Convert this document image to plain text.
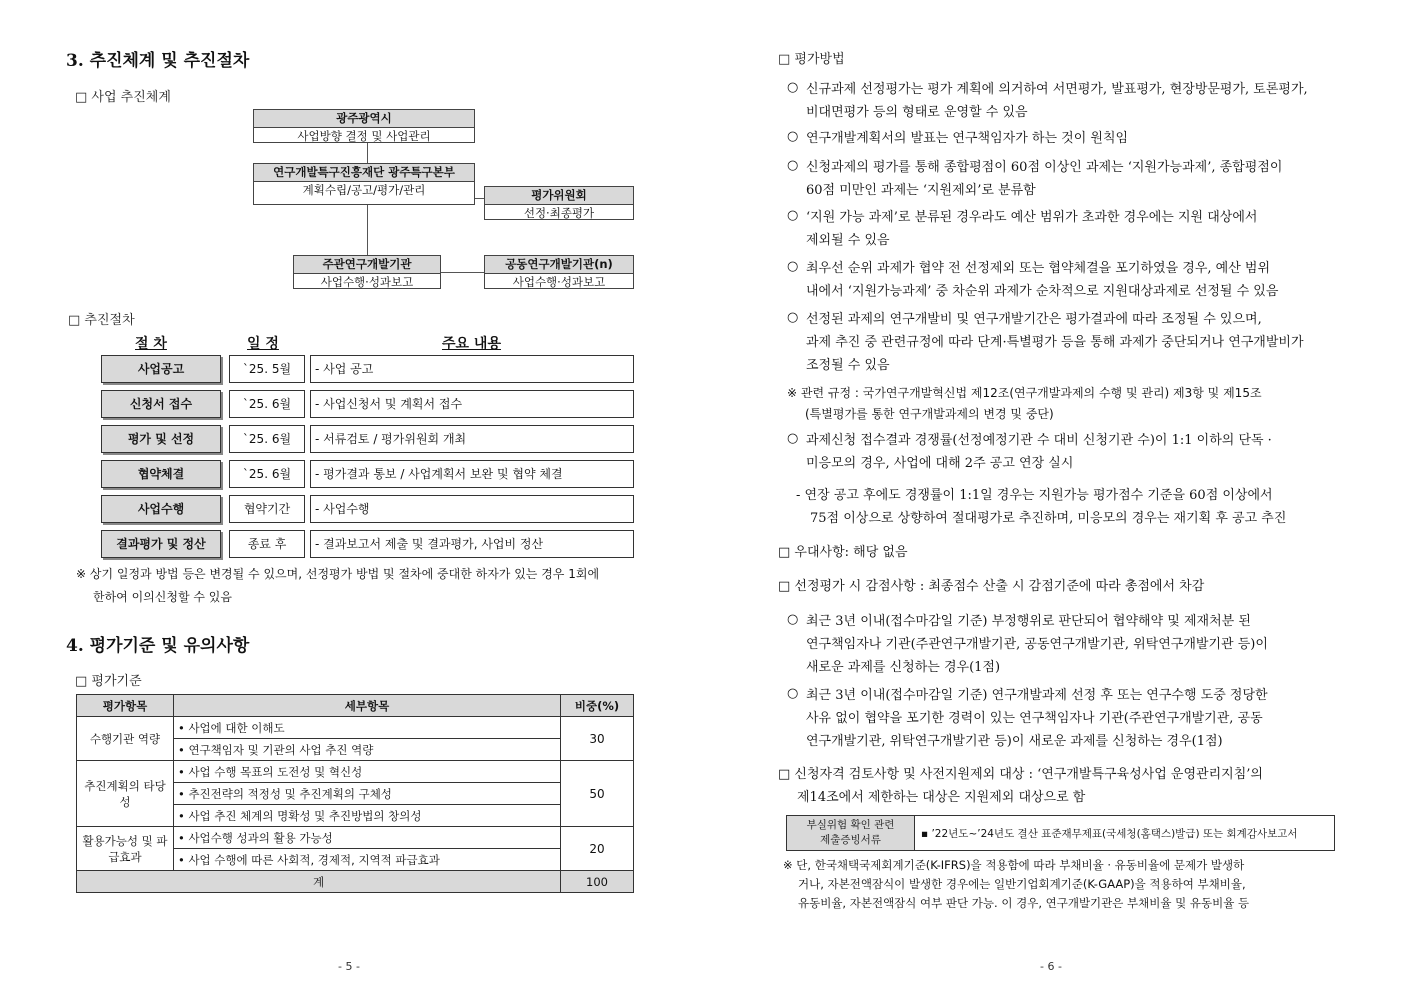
3. 추진체계 및 추진절차
□ 사업 추진체계
광주광역시
사업방향 결정 및 사업관리
연구개발특구진흥재단 광주특구본부
계획수립/공고/평가/관리	평가위원회
선정·최종평가
주관연구개발기관
사업수행·성과보고
공동연구개발기관(n)
사업수행·성과보고
□ 추진절차
절 차	일 정	주요 내용
사업공고	`25. 5월	- 사업 공고
신청서 접수	`25. 6월	- 사업신청서 및 계획서 접수
평가 및 선정	`25. 6월	- 서류검토 / 평가위원회 개최
협약체결	`25. 6월	- 평가결과 통보 / 사업계획서 보완 및 협약 체결
사업수행	협약기간	- 사업수행
결과평가 및 정산	종료 후	- 결과보고서 제출 및 결과평가, 사업비 정산
※ 상기 일정과 방법 등은 변경될 수 있으며, 선정평가 방법 및 절차에 중대한 하자가 있는 경우 1회에
한하여 이의신청할 수 있음
4. 평가기준 및 유의사항
□ 평가기준
평가항목	세부항목	비중(%)
수행기관 역량	• 사업에 대한 이해도	30
	• 연구책임자 및 기관의 사업 추진 역량	
추진계획의 타당성	• 사업 수행 목표의 도전성 및 혁신성	50
	• 추진전략의 적정성 및 추진계획의 구체성	
	• 사업 추진 체계의 명확성 및 추진방법의 창의성	
활용가능성 및 파급효과	• 사업수행 성과의 활용 가능성	20
	• 사업 수행에 따른 사회적, 경제적, 지역적 파급효과	
계		100
- 5 -
□ 평가방법
○ 신규과제 선정평가는 평가 계획에 의거하여 서면평가, 발표평가, 현장방문평가, 토론평가,
비대면평가 등의 형태로 운영할 수 있음
○ 연구개발계획서의 발표는 연구책임자가 하는 것이 원칙임
○ 신청과제의 평가를 통해 종합평점이 60점 이상인 과제는 ‘지원가능과제’, 종합평점이
60점 미만인 과제는 ‘지원제외’로 분류함
○ ‘지원 가능 과제’로 분류된 경우라도 예산 범위가 초과한 경우에는 지원 대상에서
제외될 수 있음
○ 최우선 순위 과제가 협약 전 선정제외 또는 협약체결을 포기하였을 경우, 예산 범위
내에서 ‘지원가능과제’ 중 차순위 과제가 순차적으로 지원대상과제로 선정될 수 있음
○ 선정된 과제의 연구개발비 및 연구개발기간은 평가결과에 따라 조정될 수 있으며,
과제 추진 중 관련규정에 따라 단계·특별평가 등을 통해 과제가 중단되거나 연구개발비가
조정될 수 있음
※ 관련 규정 : 국가연구개발혁신법 제12조(연구개발과제의 수행 및 관리) 제3항 및 제15조
(특별평가를 통한 연구개발과제의 변경 및 중단)
○ 과제신청 접수결과 경쟁률(선정예정기관 수 대비 신청기관 수)이 1:1 이하의 단독 ·
미응모의 경우, 사업에 대해 2주 공고 연장 실시
- 연장 공고 후에도 경쟁률이 1:1일 경우는 지원가능 평가점수 기준을 60점 이상에서
75점 이상으로 상향하여 절대평가로 추진하며, 미응모의 경우는 재기획 후 공고 추진
□ 우대사항: 해당 없음
□ 선정평가 시 감점사항 : 최종점수 산출 시 감점기준에 따라 총점에서 차감
○ 최근 3년 이내(접수마감일 기준) 부정행위로 판단되어 협약해약 및 제재처분 된
연구책임자나 기관(주관연구개발기관, 공동연구개발기관, 위탁연구개발기관 등)이
새로운 과제를 신청하는 경우(1점)
○ 최근 3년 이내(접수마감일 기준) 연구개발과제 선정 후 또는 연구수행 도중 정당한
사유 없이 협약을 포기한 경력이 있는 연구책임자나 기관(주관연구개발기관, 공동
연구개발기관, 위탁연구개발기관 등)이 새로운 과제를 신청하는 경우(1점)
□ 신청자격 검토사항 및 사전지원제외 대상 : ‘연구개발특구육성사업 운영관리지침’의
제14조에서 제한하는 대상은 지원제외 대상으로 함
부실위험 확인 관련
제출증빙서류
	▪ ’22년도~’24년도 결산 표준재무제표(국세청(홈택스)발급) 또는 회계감사보고서
※ 단, 한국채택국제회계기준(K-IFRS)을 적용함에 따라 부채비율 · 유동비율에 문제가 발생하
거나, 자본전액잠식이 발생한 경우에는 일반기업회계기준(K-GAAP)을 적용하여 부채비율,
유동비율, 자본전액잠식 여부 판단 가능. 이 경우, 연구개발기관은 부채비율 및 유동비율 등
- 6 -
